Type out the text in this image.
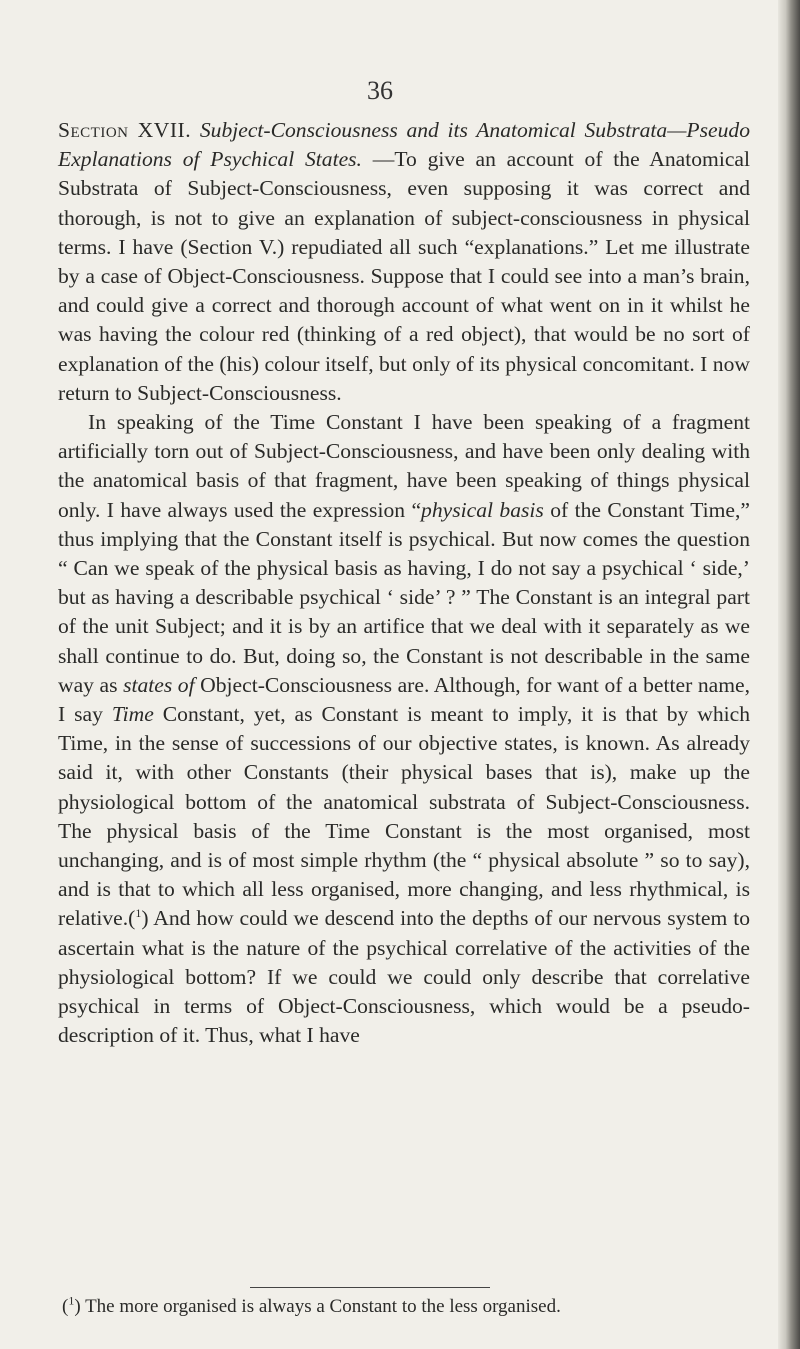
36

Section XVII. Subject-Consciousness and its Anatomical Substrata—Pseudo Explanations of Psychical States. —To give an account of the Anatomical Substrata of Subject-Consciousness, even supposing it was correct and thorough, is not to give an explanation of subject-consciousness in physical terms. I have (Section V.) repudiated all such “explanations.” Let me illustrate by a case of Object-Consciousness. Suppose that I could see into a man’s brain, and could give a correct and thorough account of what went on in it whilst he was having the colour red (thinking of a red object), that would be no sort of explanation of the (his) colour itself, but only of its physical concomitant. I now return to Subject-Consciousness.

In speaking of the Time Constant I have been speaking of a fragment artificially torn out of Subject-Consciousness, and have been only dealing with the anatomical basis of that fragment, have been speaking of things physical only. I have always used the expression “physical basis of the Constant Time,” thus implying that the Constant itself is psychical. But now comes the question “ Can we speak of the physical basis as having, I do not say a psychical ‘ side,’ but as having a describable psychical ‘ side’ ? ” The Constant is an integral part of the unit Subject; and it is by an artifice that we deal with it separately as we shall continue to do. But, doing so, the Constant is not describable in the same way as states of Object-Consciousness are. Although, for want of a better name, I say Time Constant, yet, as Constant is meant to imply, it is that by which Time, in the sense of successions of our objective states, is known. As already said it, with other Constants (their physical bases that is), make up the physiological bottom of the anatomical substrata of Subject-Consciousness. The physical basis of the Time Constant is the most organised, most unchanging, and is of most simple rhythm (the “ physical absolute ” so to say), and is that to which all less organised, more changing, and less rhythmical, is relative.($^1$) And how could we descend into the depths of our nervous system to ascertain what is the nature of the psychical correlative of the activities of the physiological bottom? If we could we could only describe that correlative psychical in terms of Object-Consciousness, which would be a pseudo-description of it. Thus, what I have

($^1$) The more organised is always a Constant to the less organised.
